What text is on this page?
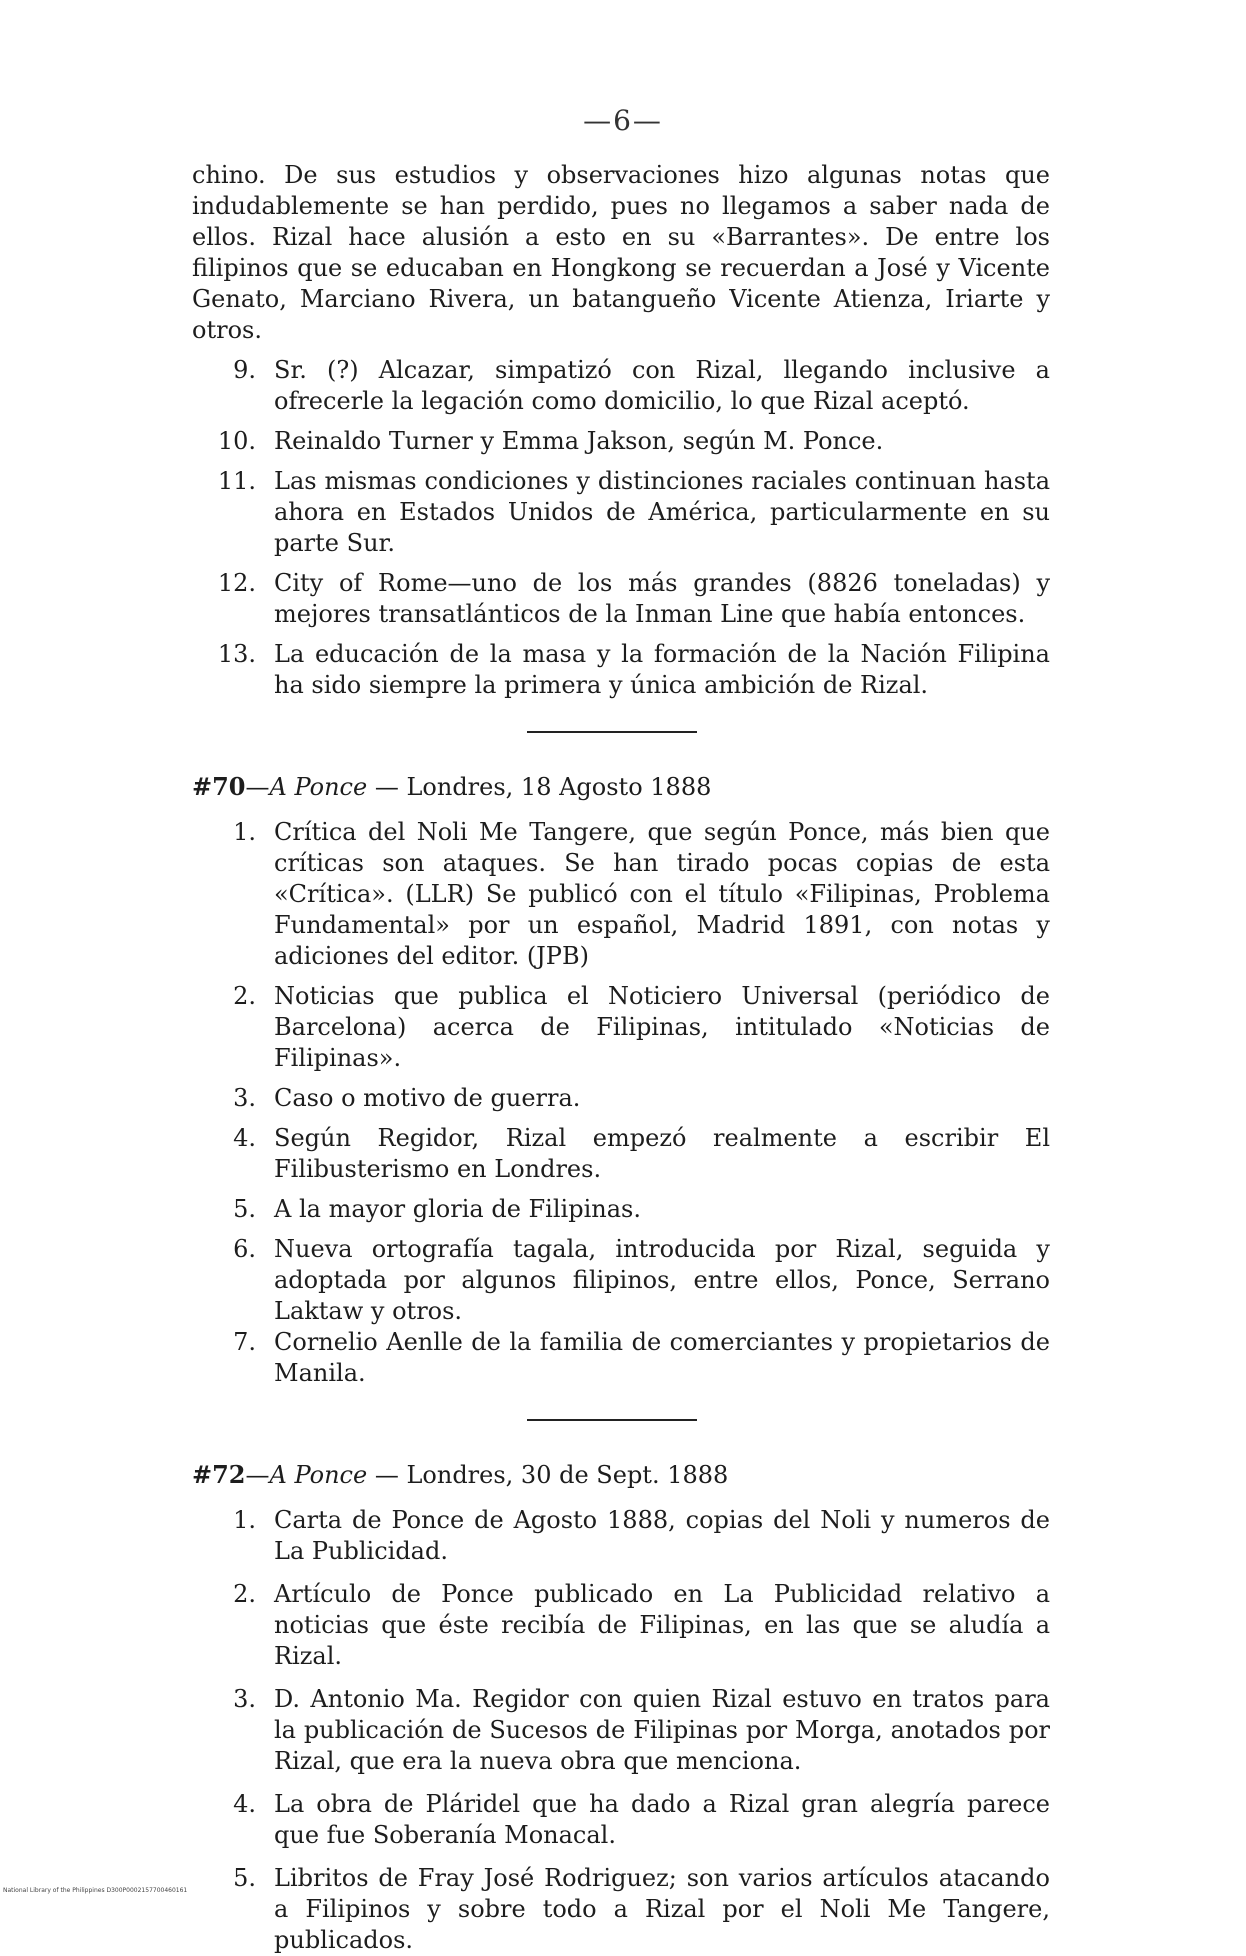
—6—

chino. De sus estudios y observaciones hizo algunas notas que indudablemente se han perdido, pues no llegamos a saber nada de ellos. Rizal hace alusión a esto en su «Barrantes». De entre los filipinos que se educaban en Hongkong se recuerdan a José y Vicente Genato, Marciano Rivera, un batangueño Vicente Atienza, Iriarte y otros.

9. Sr. (?) Alcazar, simpatizó con Rizal, llegando inclusive a ofrecerle la legación como domicilio, lo que Rizal aceptó.
10. Reinaldo Turner y Emma Jakson, según M. Ponce.
11. Las mismas condiciones y distinciones raciales continuan hasta ahora en Estados Unidos de América, particularmente en su parte Sur.
12. City of Rome—uno de los más grandes (8826 toneladas) y mejores transatlánticos de la Inman Line que había entonces.
13. La educación de la masa y la formación de la Nación Filipina ha sido siempre la primera y única ambición de Rizal.
#70—A Ponce — Londres, 18 Agosto 1888
1. Crítica del Noli Me Tangere, que según Ponce, más bien que críticas son ataques. Se han tirado pocas copias de esta «Crítica». (LLR) Se publicó con el título «Filipinas, Problema Fundamental» por un español, Madrid 1891, con notas y adiciones del editor. (JPB)
2. Noticias que publica el Noticiero Universal (periódico de Barcelona) acerca de Filipinas, intitulado «Noticias de Filipinas».
3. Caso o motivo de guerra.
4. Según Regidor, Rizal empezó realmente a escribir El Filibusterismo en Londres.
5. A la mayor gloria de Filipinas.
6. Nueva ortografía tagala, introducida por Rizal, seguida y adoptada por algunos filipinos, entre ellos, Ponce, Serrano Laktaw y otros.
7. Cornelio Aenlle de la familia de comerciantes y propietarios de Manila.
#72—A Ponce — Londres, 30 de Sept. 1888
1. Carta de Ponce de Agosto 1888, copias del Noli y numeros de La Publicidad.
2. Artículo de Ponce publicado en La Publicidad relativo a noticias que éste recibía de Filipinas, en las que se aludía a Rizal.
3. D. Antonio Ma. Regidor con quien Rizal estuvo en tratos para la publicación de Sucesos de Filipinas por Morga, anotados por Rizal, que era la nueva obra que menciona.
4. La obra de Pláridel que ha dado a Rizal gran alegría parece que fue Soberanía Monacal.
5. Libritos de Fray José Rodriguez; son varios artículos atacando a Filipinos y sobre todo a Rizal por el Noli Me Tangere, publicados.
National Library of the Philippines D300P0002157700460161
